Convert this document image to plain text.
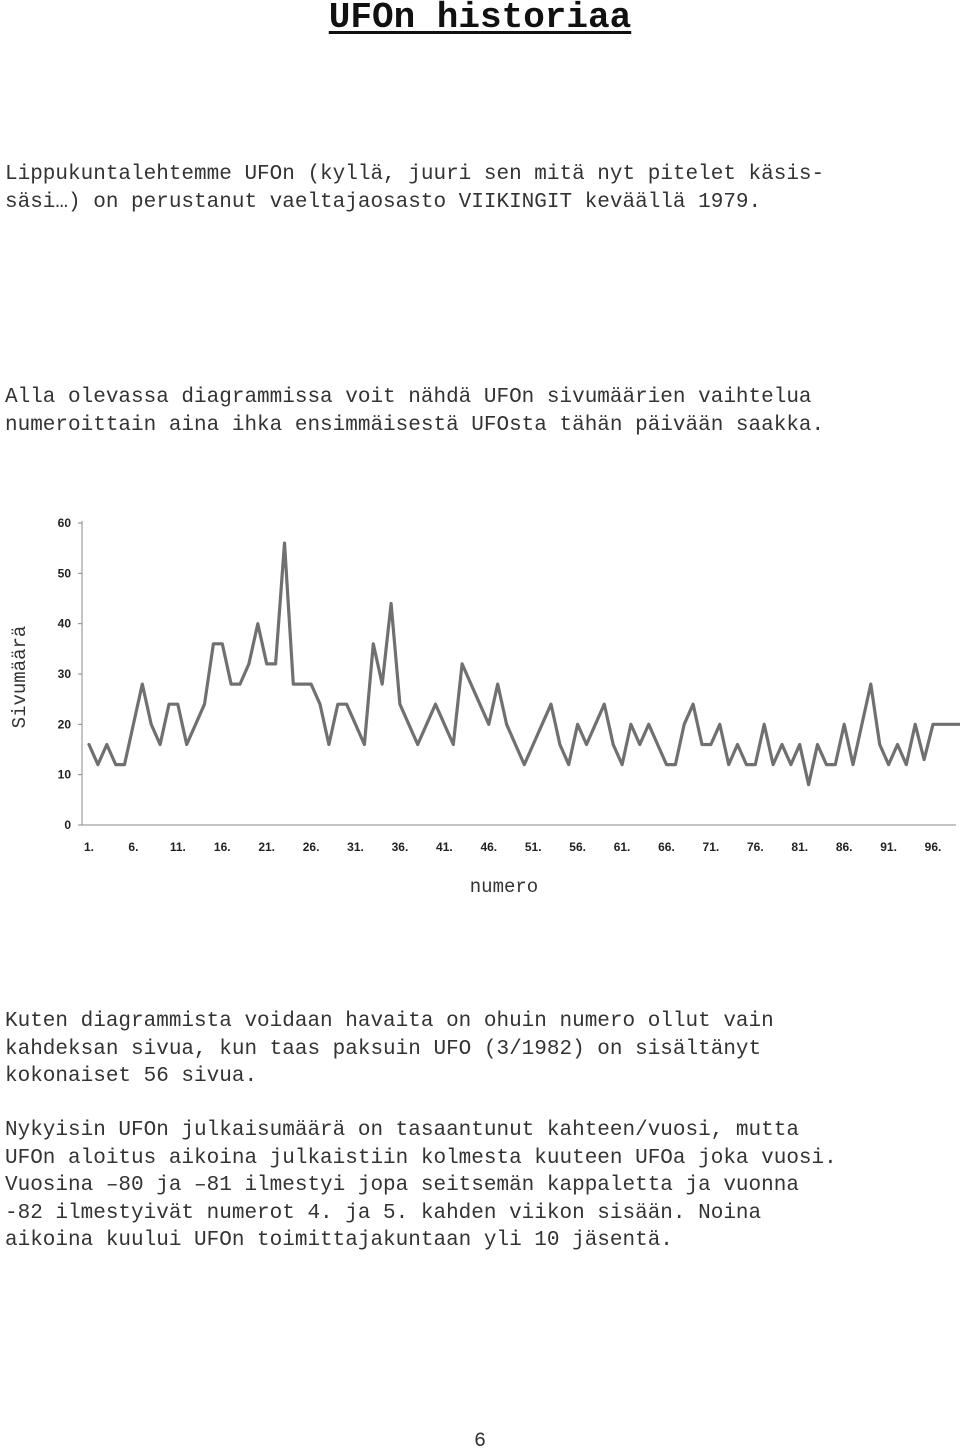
UFOn historiaa

Lippukuntalehtemme UFOn (kyllä, juuri sen mitä nyt pitelet käsis-
säsi…) on perustanut vaeltajaosasto VIIKINGIT keväällä 1979.

Alla olevassa diagrammissa voit nähdä UFOn sivumäärien vaihtelua
numeroittain aina ihka ensimmäisestä UFOsta tähän päivään saakka.

0
10
20
30
40
50
60
1.	6.	11. 16. 21. 26. 31. 36. 41. 46. 51. 56. 61. 66. 71. 76. 81. 86. 91. 96.
Sivumäärä
numero

Kuten diagrammista voidaan havaita on ohuin numero ollut vain
kahdeksan sivua, kun taas paksuin UFO (3/1982) on sisältänyt
kokonaiset 56 sivua.

Nykyisin UFOn julkaisumäärä on tasaantunut kahteen/vuosi, mutta
UFOn aloitus aikoina julkaistiin kolmesta kuuteen UFOa joka vuosi.
Vuosina –80 ja –81 ilmestyi jopa seitsemän kappaletta ja vuonna
-82 ilmestyivät numerot 4. ja 5. kahden viikon sisään. Noina
aikoina kuului UFOn toimittajakuntaan yli 10 jäsentä.

6
